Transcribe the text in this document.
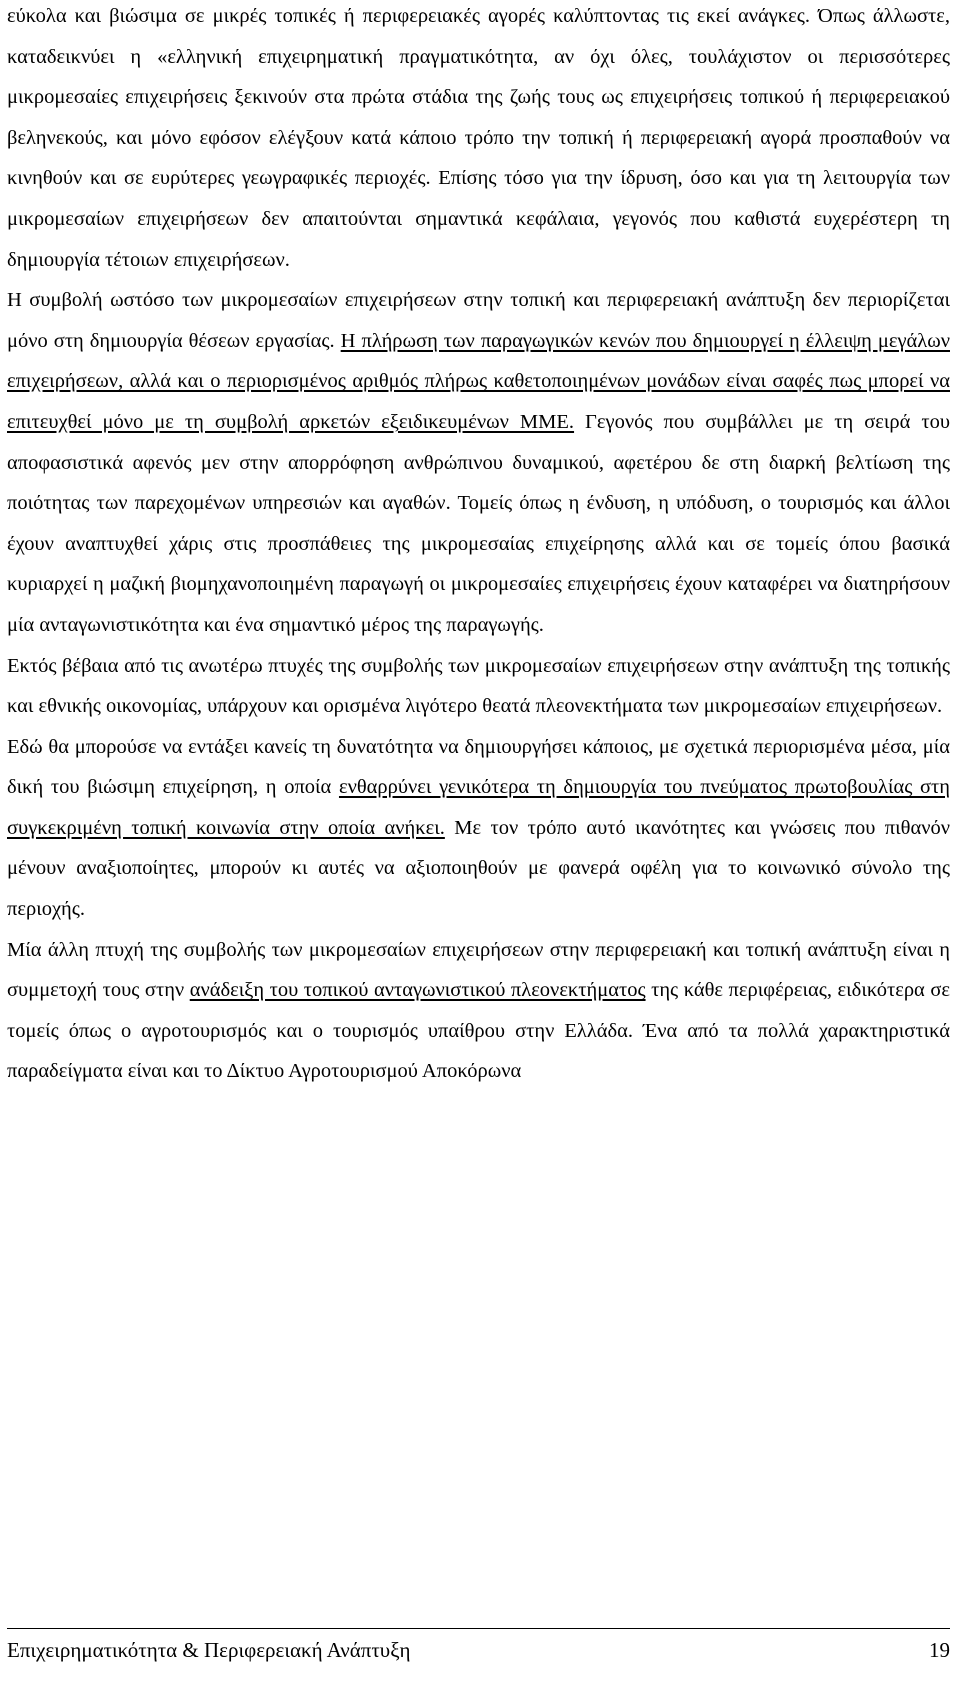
εύκολα και βιώσιμα σε μικρές τοπικές ή περιφερειακές αγορές καλύπτοντας τις εκεί ανάγκες. Όπως άλλωστε, καταδεικνύει η «ελληνική επιχειρηματική πραγματικότητα, αν όχι όλες, τουλάχιστον οι περισσότερες μικρομεσαίες επιχειρήσεις ξεκινούν στα πρώτα στάδια της ζωής τους ως επιχειρήσεις τοπικού ή περιφερειακού βεληνεκούς, και μόνο εφόσον ελέγξουν κατά κάποιο τρόπο την τοπική ή περιφερειακή αγορά προσπαθούν να κινηθούν και σε ευρύτερες γεωγραφικές περιοχές. Επίσης τόσο για την ίδρυση, όσο και για τη λειτουργία των μικρομεσαίων επιχειρήσεων δεν απαιτούνται σημαντικά κεφάλαια, γεγονός που καθιστά ευχερέστερη τη δημιουργία τέτοιων επιχειρήσεων.

Η συμβολή ωστόσο των μικρομεσαίων επιχειρήσεων στην τοπική και περιφερειακή ανάπτυξη δεν περιορίζεται μόνο στη δημιουργία θέσεων εργασίας. Η πλήρωση των παραγωγικών κενών που δημιουργεί η έλλειψη μεγάλων επιχειρήσεων, αλλά και ο περιορισμένος αριθμός πλήρως καθετοποιημένων μονάδων είναι σαφές πως μπορεί να επιτευχθεί μόνο με τη συμβολή αρκετών εξειδικευμένων ΜΜΕ. Γεγονός που συμβάλλει με τη σειρά του αποφασιστικά αφενός μεν στην απορρόφηση ανθρώπινου δυναμικού, αφετέρου δε στη διαρκή βελτίωση της ποιότητας των παρεχομένων υπηρεσιών και αγαθών. Τομείς όπως η ένδυση, η υπόδυση, ο τουρισμός και άλλοι έχουν αναπτυχθεί χάρις στις προσπάθειες της μικρομεσαίας επιχείρησης αλλά και σε τομείς όπου βασικά κυριαρχεί η μαζική βιομηχανοποιημένη παραγωγή οι μικρομεσαίες επιχειρήσεις έχουν καταφέρει να διατηρήσουν μία ανταγωνιστικότητα και ένα σημαντικό μέρος της παραγωγής.

Εκτός βέβαια από τις ανωτέρω πτυχές της συμβολής των μικρομεσαίων επιχειρήσεων στην ανάπτυξη της τοπικής και εθνικής οικονομίας, υπάρχουν και ορισμένα λιγότερο θεατά πλεονεκτήματα των μικρομεσαίων επιχειρήσεων.

Εδώ θα μπορούσε να εντάξει κανείς τη δυνατότητα να δημιουργήσει κάποιος, με σχετικά περιορισμένα μέσα, μία δική του βιώσιμη επιχείρηση, η οποία ενθαρρύνει γενικότερα τη δημιουργία του πνεύματος πρωτοβουλίας στη συγκεκριμένη τοπική κοινωνία στην οποία ανήκει. Με τον τρόπο αυτό ικανότητες και γνώσεις που πιθανόν μένουν αναξιοποίητες, μπορούν κι αυτές να αξιοποιηθούν με φανερά οφέλη για το κοινωνικό σύνολο της περιοχής.

Μία άλλη πτυχή της συμβολής των μικρομεσαίων επιχειρήσεων στην περιφερειακή και τοπική ανάπτυξη είναι η συμμετοχή τους στην ανάδειξη του τοπικού ανταγωνιστικού πλεονεκτήματος της κάθε περιφέρειας, ειδικότερα σε τομείς όπως ο αγροτουρισμός και ο τουρισμός υπαίθρου στην Ελλάδα. Ένα από τα πολλά χαρακτηριστικά παραδείγματα είναι και το Δίκτυο Αγροτουρισμού Αποκόρωνα

Επιχειρηματικότητα & Περιφερειακή Ανάπτυξη	19
